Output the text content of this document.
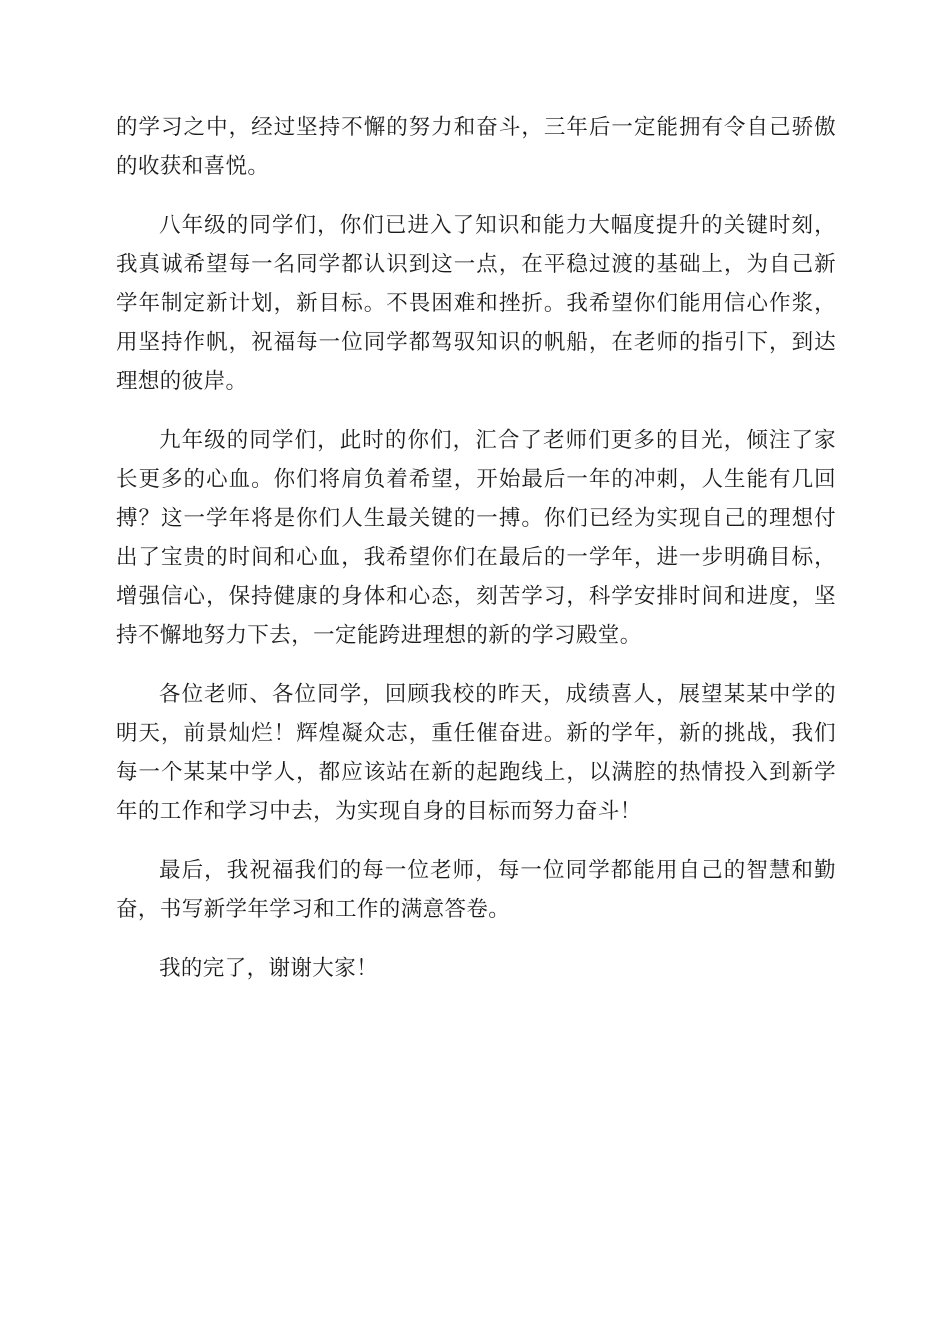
的学习之中，经过坚持不懈的努力和奋斗，三年后一定能拥有令自己骄傲的收获和喜悦。

八年级的同学们，你们已进入了知识和能力大幅度提升的关键时刻，我真诚希望每一名同学都认识到这一点，在平稳过渡的基础上，为自己新学年制定新计划，新目标。不畏困难和挫折。我希望你们能用信心作浆，用坚持作帆，祝福每一位同学都驾驭知识的帆船，在老师的指引下，到达理想的彼岸。

九年级的同学们，此时的你们，汇合了老师们更多的目光，倾注了家长更多的心血。你们将肩负着希望，开始最后一年的冲刺，人生能有几回搏？这一学年将是你们人生最关键的一搏。你们已经为实现自己的理想付出了宝贵的时间和心血，我希望你们在最后的一学年，进一步明确目标，增强信心，保持健康的身体和心态，刻苦学习，科学安排时间和进度，坚持不懈地努力下去，一定能跨进理想的新的学习殿堂。

各位老师、各位同学，回顾我校的昨天，成绩喜人，展望某某中学的明天，前景灿烂！辉煌凝众志，重任催奋进。新的学年，新的挑战，我们每一个某某中学人，都应该站在新的起跑线上，以满腔的热情投入到新学年的工作和学习中去，为实现自身的目标而努力奋斗！

最后，我祝福我们的每一位老师，每一位同学都能用自己的智慧和勤奋，书写新学年学习和工作的满意答卷。

我的完了，谢谢大家！
